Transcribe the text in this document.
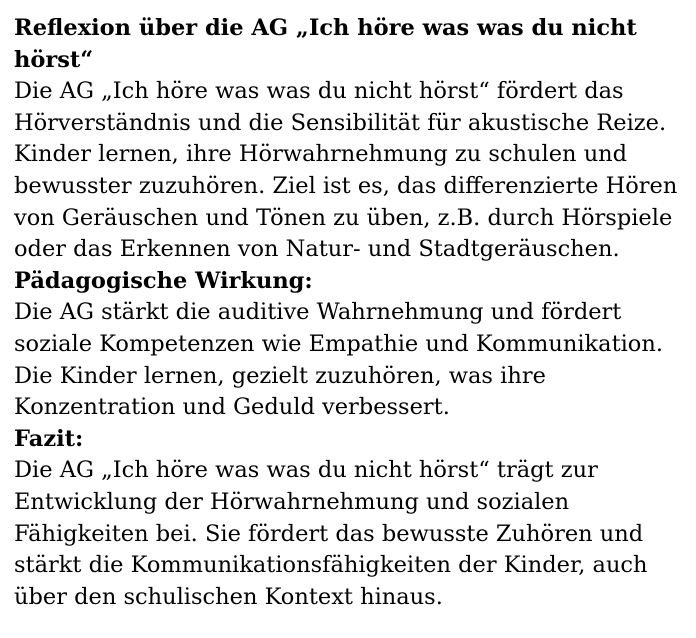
Reflexion über die AG „Ich höre was was du nicht
hörst“
Die AG „Ich höre was was du nicht hörst“ fördert das
Hörverständnis und die Sensibilität für akustische Reize.
Kinder lernen, ihre Hörwahrnehmung zu schulen und
bewusster zuzuhören. Ziel ist es, das differenzierte Hören
von Geräuschen und Tönen zu üben, z.B. durch Hörspiele
oder das Erkennen von Natur- und Stadtgeräuschen.
Pädagogische Wirkung:
Die AG stärkt die auditive Wahrnehmung und fördert
soziale Kompetenzen wie Empathie und Kommunikation.
Die Kinder lernen, gezielt zuzuhören, was ihre
Konzentration und Geduld verbessert.
Fazit:
Die AG „Ich höre was was du nicht hörst“ trägt zur
Entwicklung der Hörwahrnehmung und sozialen
Fähigkeiten bei. Sie fördert das bewusste Zuhören und
stärkt die Kommunikationsfähigkeiten der Kinder, auch
über den schulischen Kontext hinaus.
